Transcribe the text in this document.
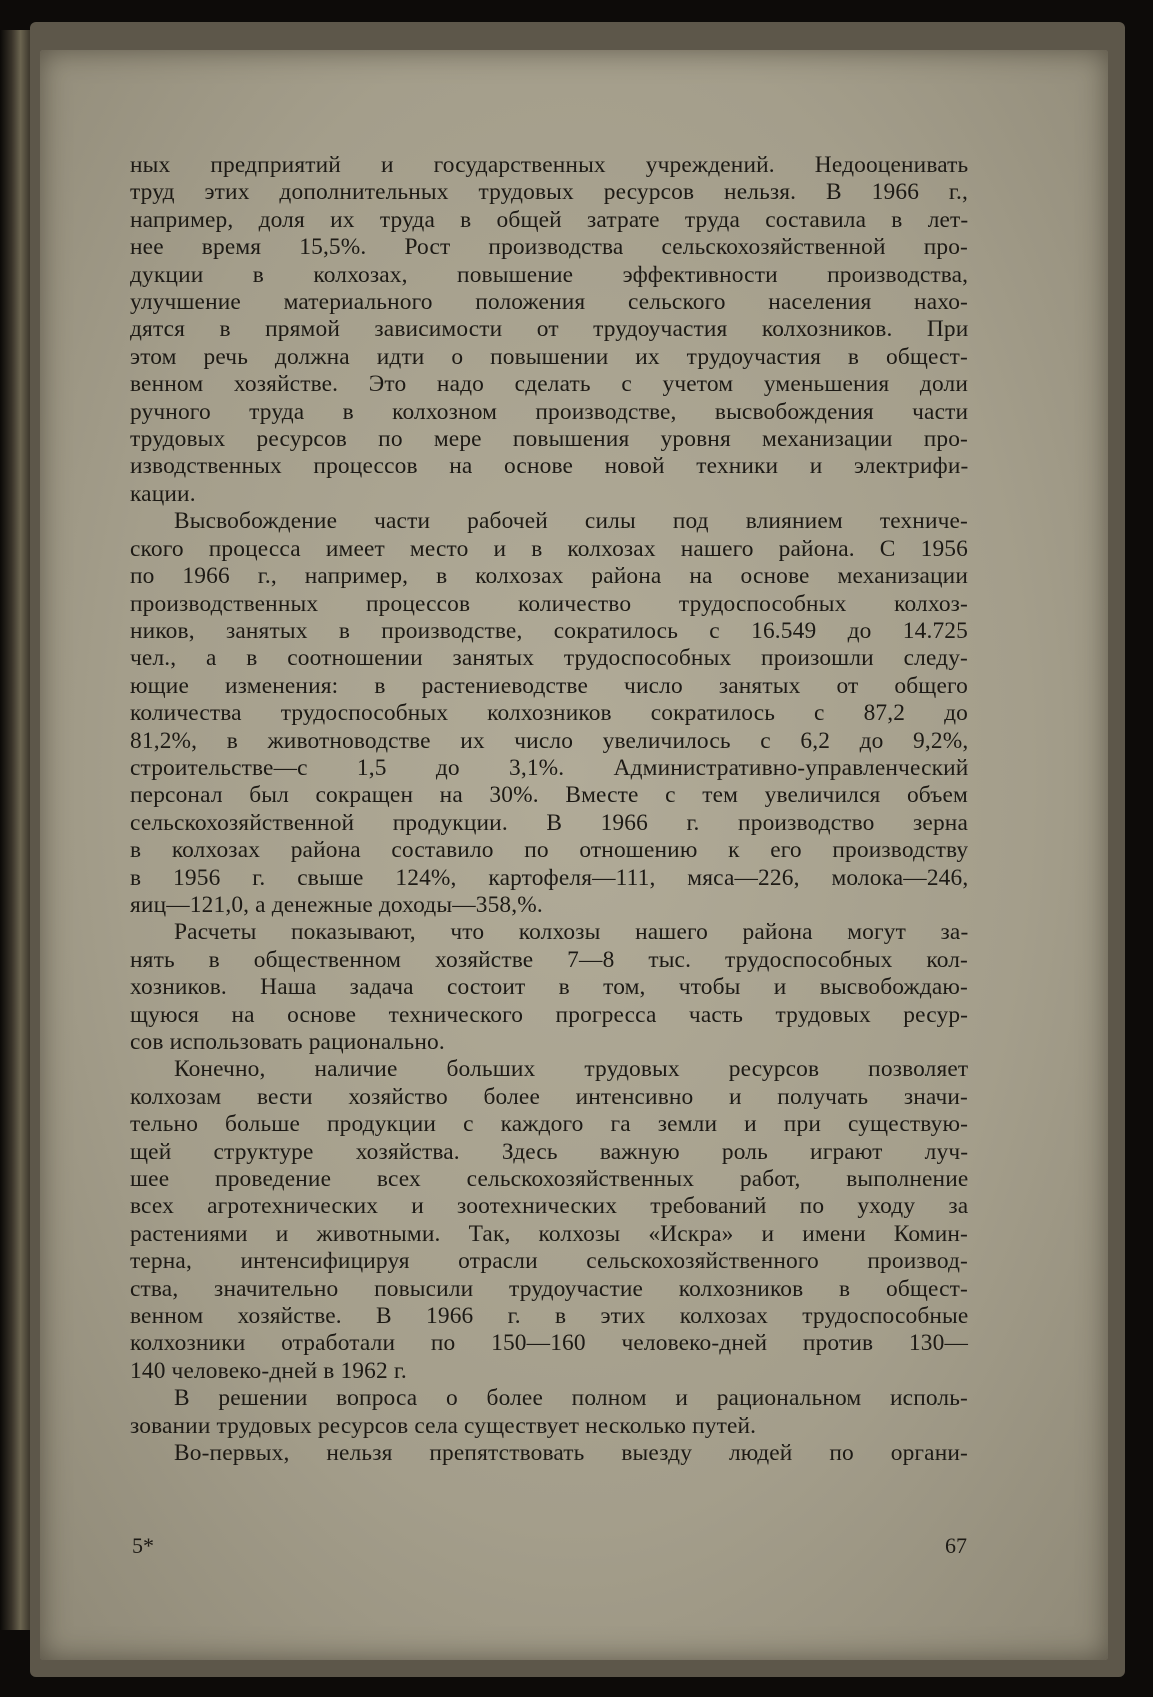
ных предприятий и государственных учреждений. Недооценивать
труд этих дополнительных трудовых ресурсов нельзя. В 1966 г.,
например, доля их труда в общей затрате труда составила в лет-
нее время 15,5%. Рост производства сельскохозяйственной про-
дукции в колхозах, повышение эффективности производства,
улучшение материального положения сельского населения нахо-
дятся в прямой зависимости от трудоучастия колхозников. При
этом речь должна идти о повышении их трудоучастия в общест-
венном хозяйстве. Это надо сделать с учетом уменьшения доли
ручного труда в колхозном производстве, высвобождения части
трудовых ресурсов по мере повышения уровня механизации про-
изводственных процессов на основе новой техники и электрифи-
кации.
Высвобождение части рабочей силы под влиянием техниче-
ского процесса имеет место и в колхозах нашего района. С 1956
по 1966 г., например, в колхозах района на основе механизации
производственных процессов количество трудоспособных колхоз-
ников, занятых в производстве, сократилось с 16.549 до 14.725
чел., а в соотношении занятых трудоспособных произошли следу-
ющие изменения: в растениеводстве число занятых от общего
количества трудоспособных колхозников сократилось с 87,2 до
81,2%, в животноводстве их число увеличилось с 6,2 до 9,2%,
строительстве—с 1,5 до 3,1%. Административно-управленческий
персонал был сокращен на 30%. Вместе с тем увеличился объем
сельскохозяйственной продукции. В 1966 г. производство зерна
в колхозах района составило по отношению к его производству
в 1956 г. свыше 124%, картофеля—111, мяса—226, молока—246,
яиц—121,0, а денежные доходы—358,%.
Расчеты показывают, что колхозы нашего района могут за-
нять в общественном хозяйстве 7—8 тыс. трудоспособных кол-
хозников. Наша задача состоит в том, чтобы и высвобождаю-
щуюся на основе технического прогресса часть трудовых ресур-
сов использовать рационально.
Конечно, наличие больших трудовых ресурсов позволяет
колхозам вести хозяйство более интенсивно и получать значи-
тельно больше продукции с каждого га земли и при существую-
щей структуре хозяйства. Здесь важную роль играют луч-
шее проведение всех сельскохозяйственных работ, выполнение
всех агротехнических и зоотехнических требований по уходу за
растениями и животными. Так, колхозы «Искра» и имени Комин-
терна, интенсифицируя отрасли сельскохозяйственного производ-
ства, значительно повысили трудоучастие колхозников в общест-
венном хозяйстве. В 1966 г. в этих колхозах трудоспособные
колхозники отработали по 150—160 человеко-дней против 130—
140 человеко-дней в 1962 г.
В решении вопроса о более полном и рациональном исполь-
зовании трудовых ресурсов села существует несколько путей.
Во-первых, нельзя препятствовать выезду людей по органи-
5*	67
